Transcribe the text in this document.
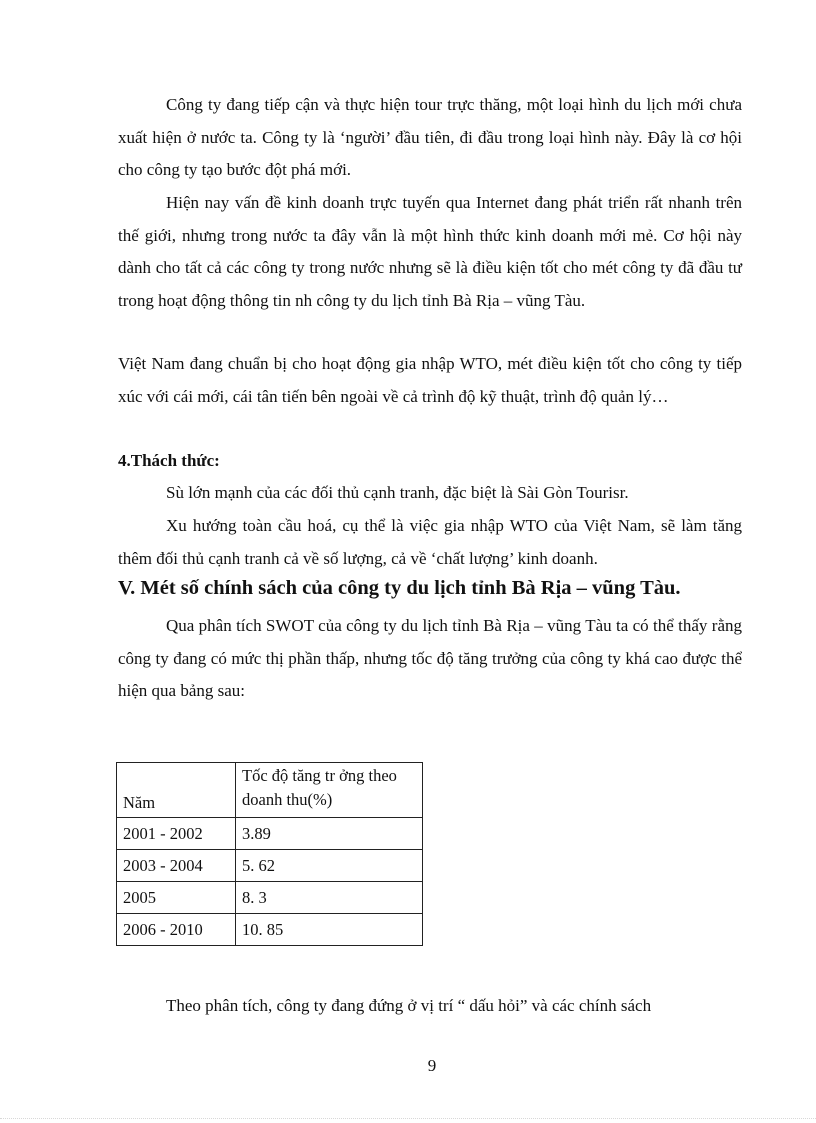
Công ty đang tiếp cận và thực hiện tour trực thăng, một loại hình du lịch mới chưa xuất hiện ở nước ta. Công ty là ‘người’ đầu tiên, đi đầu trong loại hình này. Đây là cơ hội cho công ty tạo bước đột phá mới.

Hiện nay vấn đề kinh doanh trực tuyến qua Internet đang phát triển rất nhanh trên thế giới, nhưng trong nước ta đây vẫn là một hình thức kinh doanh mới mẻ. Cơ hội này dành cho tất cả các công ty trong nước nhưng sẽ là điều kiện tốt cho mét công ty đã đầu tư trong hoạt động thông tin nh công ty du lịch tỉnh Bà Rịa – vũng Tàu.

Việt Nam đang chuẩn bị cho hoạt động gia nhập WTO, mét điều kiện tốt cho công ty tiếp xúc với cái mới, cái tân tiến bên ngoài về cả trình độ kỹ thuật, trình độ quản lý…

4.Thách thức:

Sù lớn mạnh của các đối thủ cạnh tranh, đặc biệt là Sài Gòn Tourisr.

Xu hướng toàn cầu hoá, cụ thể là việc gia nhập WTO của Việt Nam, sẽ làm tăng thêm đối thủ cạnh tranh cả về số lượng, cả về ‘chất lượng’ kinh doanh.

V. Mét số chính sách của công ty du lịch tỉnh Bà Rịa – vũng Tàu.

Qua phân tích SWOT của công ty du lịch tỉnh Bà Rịa – vũng Tàu ta có thể thấy rằng công ty đang có mức thị phần thấp, nhưng tốc độ tăng trưởng của công ty khá cao được thể hiện qua bảng sau:

Năm	Tốc độ tăng tr ởng theo doanh thu(%)
2001 - 2002	3.89
2003 - 2004	5. 62
2005	8. 3
2006 - 2010	10. 85

Theo phân tích, công ty đang đứng ở vị trí “ dấu hỏi” và các chính sách

9
